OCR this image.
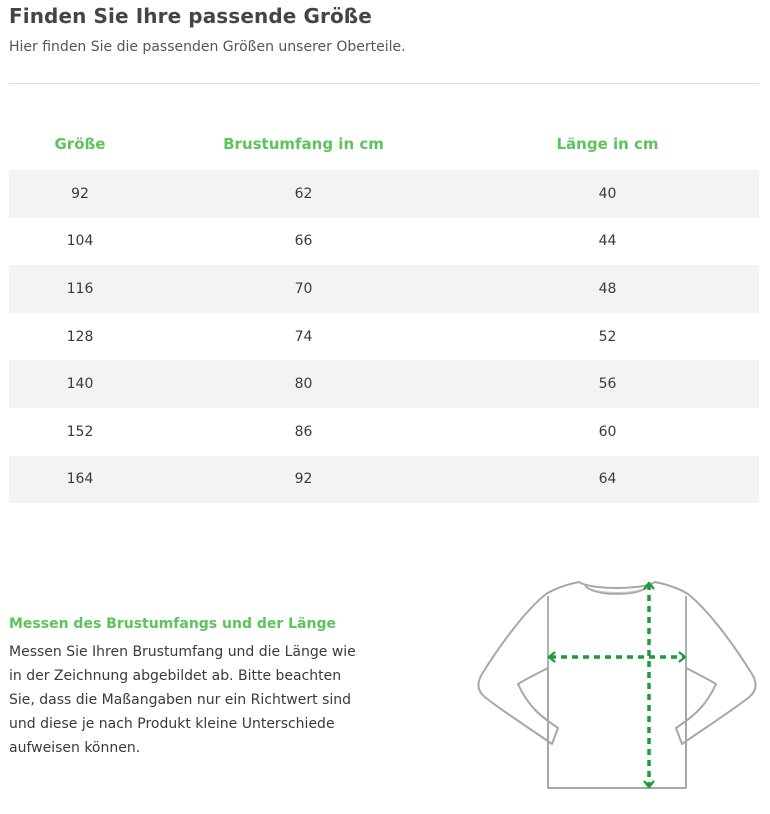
Finden Sie Ihre passende Größe

Hier finden Sie die passenden Größen unserer Oberteile.

Größe	Brustumfang in cm	Länge in cm
92	62	40
104	66	44
116	70	48
128	74	52
140	80	56
152	86	60
164	92	64
Messen des Brustumfangs und der Länge

Messen Sie Ihren Brustumfang und die Länge wie in der Zeichnung abgebildet ab. Bitte beachten Sie, dass die Maßangaben nur ein Richtwert sind und diese je nach Produkt kleine Unterschiede aufweisen können.
